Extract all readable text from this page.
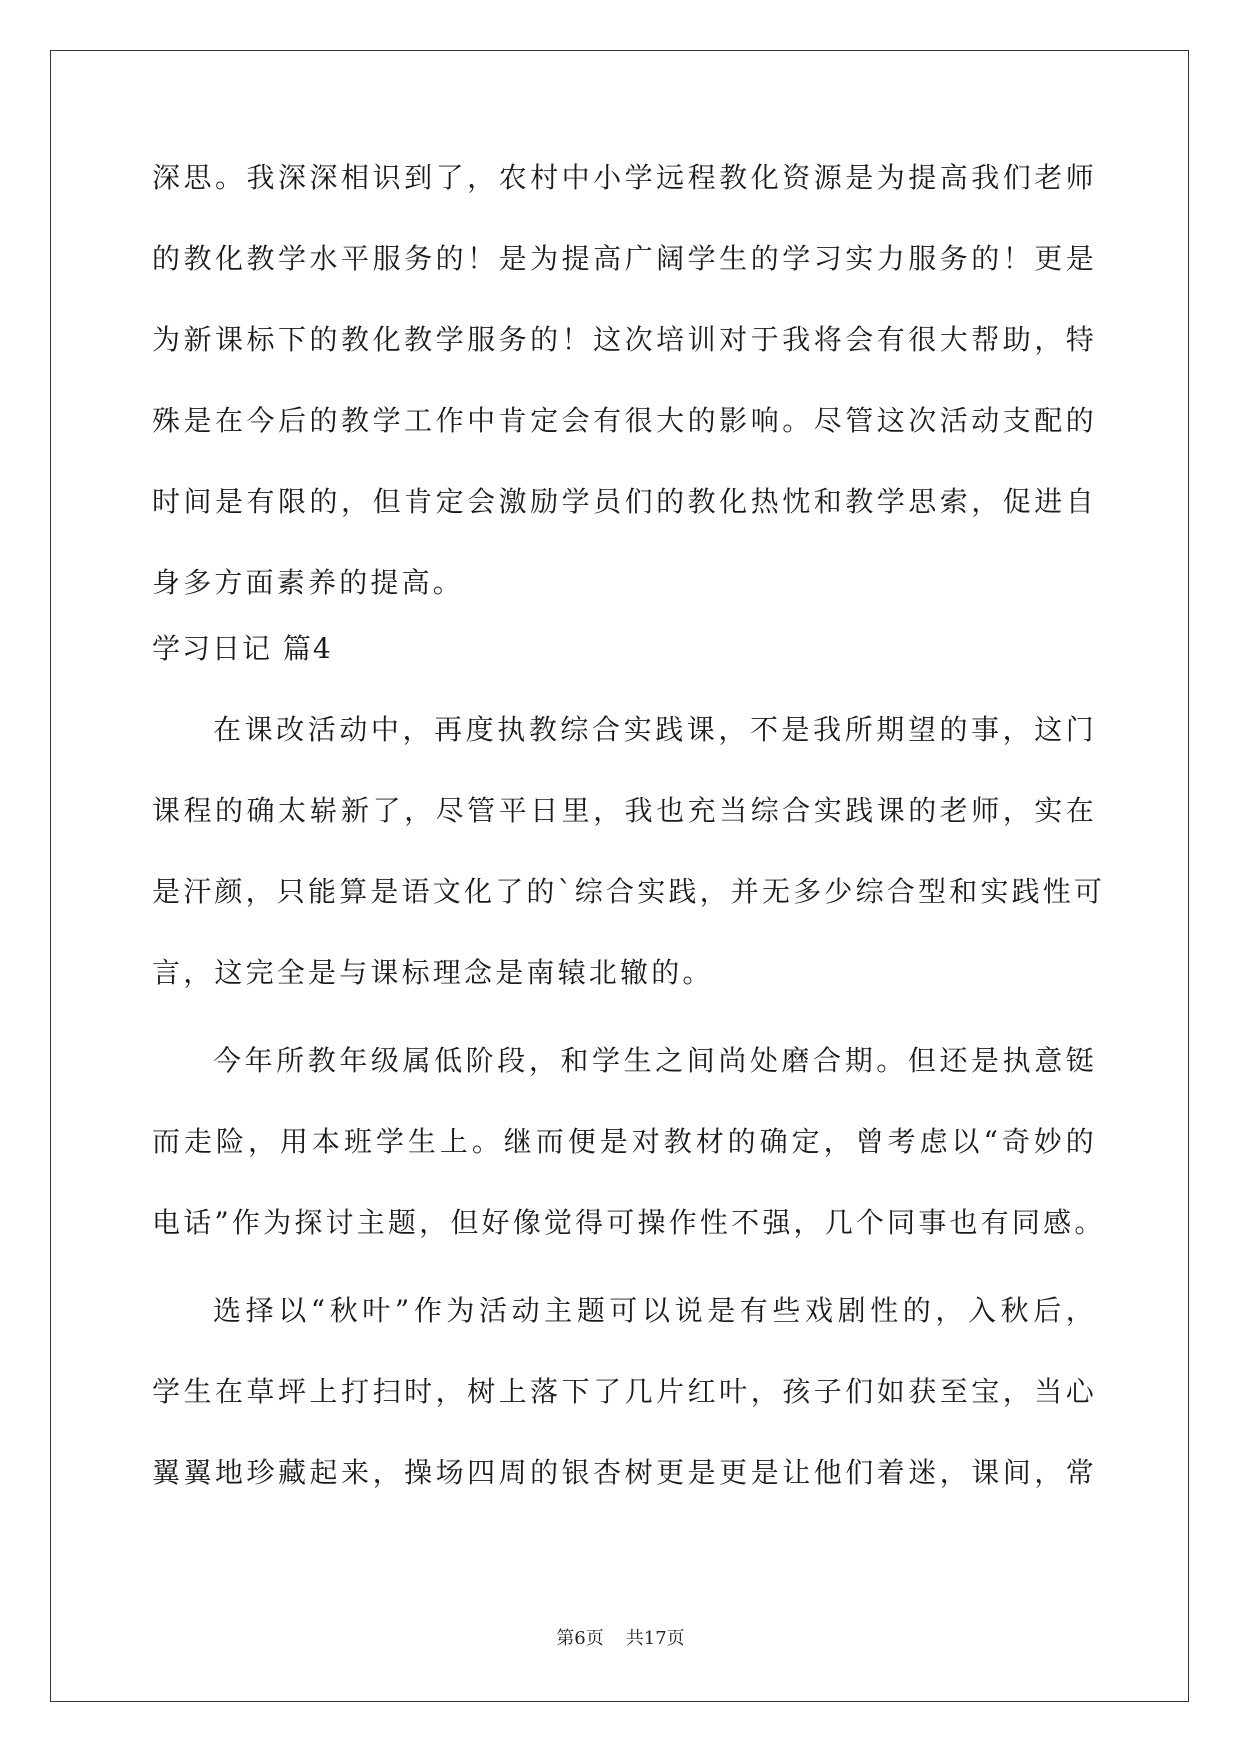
深思。我深深相识到了，农村中小学远程教化资源是为提高我们老师
的教化教学水平服务的！是为提高广阔学生的学习实力服务的！更是
为新课标下的教化教学服务的！这次培训对于我将会有很大帮助，特
殊是在今后的教学工作中肯定会有很大的影响。尽管这次活动支配的
时间是有限的，但肯定会激励学员们的教化热忱和教学思索，促进自
身多方面素养的提高。
学习日记 篇4
在课改活动中，再度执教综合实践课，不是我所期望的事，这门
课程的确太崭新了，尽管平日里，我也充当综合实践课的老师，实在
是汗颜，只能算是语文化了的`综合实践，并无多少综合型和实践性可
言，这完全是与课标理念是南辕北辙的。
今年所教年级属低阶段，和学生之间尚处磨合期。但还是执意铤
而走险，用本班学生上。继而便是对教材的确定，曾考虑以“奇妙的
电话”作为探讨主题，但好像觉得可操作性不强，几个同事也有同感。
选择以“秋叶”作为活动主题可以说是有些戏剧性的，入秋后，
学生在草坪上打扫时，树上落下了几片红叶，孩子们如获至宝，当心
翼翼地珍藏起来，操场四周的银杏树更是更是让他们着迷，课间，常
第6页 共17页
